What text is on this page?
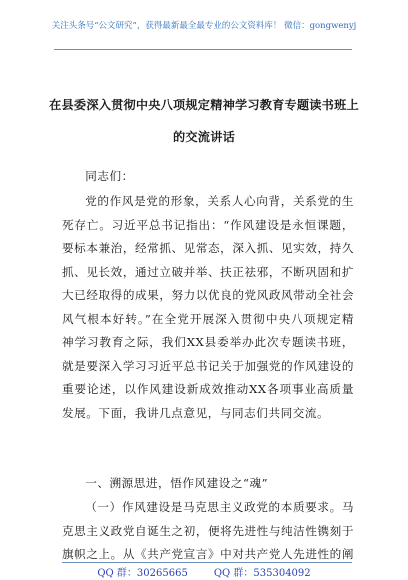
关注头条号“公文研究”，获得最新最全最专业的公文资料库！ 微信：gongwenyj
在县委深入贯彻中央八项规定精神学习教育专题读书班上
的交流讲话

同志们：

党的作风是党的形象，关系人心向背，关系党的生死存亡。习近平总书记指出：“作风建设是永恒课题，要标本兼治，经常抓、见常态，深入抓、见实效，持久抓、见长效，通过立破并举、扶正祛邪，不断巩固和扩大已经取得的成果，努力以优良的党风政风带动全社会风气根本好转。”在全党开展深入贯彻中央八项规定精神学习教育之际，我们XX县委举办此次专题读书班，就是要深入学习习近平总书记关于加强党的作风建设的重要论述，以作风建设新成效推动XX各项事业高质量发展。下面，我讲几点意见，与同志们共同交流。

一、溯源思进，悟作风建设之“魂”

（一）作风建设是马克思主义政党的本质要求。马克思主义政党自诞生之初，便将先进性与纯洁性镌刻于旗帜之上。从《共产党宣言》中对共产党人先进性的阐

QQ 群：30265665	QQ 群：535304092
